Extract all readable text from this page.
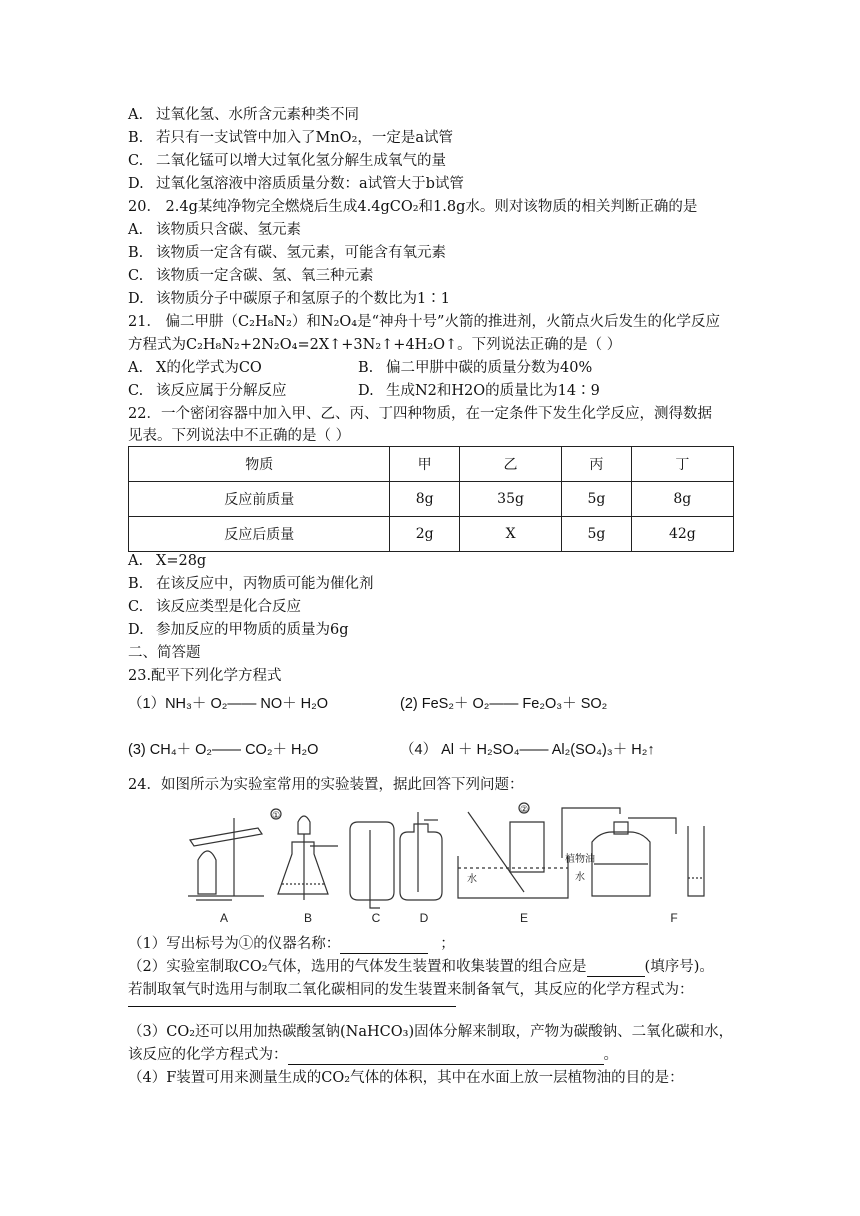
A. 过氧化氢、水所含元素种类不同
B. 若只有一支试管中加入了MnO₂，一定是a试管
C. 二氧化锰可以增大过氧化氢分解生成氧气的量
D. 过氧化氢溶液中溶质质量分数：a试管大于b试管
20． 2.4g某纯净物完全燃烧后生成4.4gCO₂和1.8g水。则对该物质的相关判断正确的是
A. 该物质只含碳、氢元素
B. 该物质一定含有碳、氢元素，可能含有氧元素
C. 该物质一定含碳、氢、氧三种元素
D. 该物质分子中碳原子和氢原子的个数比为1∶1
21． 偏二甲肼（C₂H₈N₂）和N₂O₄是“神舟十号”火箭的推进剂，火箭点火后发生的化学反应
方程式为C₂H₈N₂+2N₂O₄=2X↑+3N₂↑+4H₂O↑。下列说法正确的是（ ）
A. X的化学式为CO	B. 偏二甲肼中碳的质量分数为40%
C. 该反应属于分解反应	D. 生成N2和H2O的质量比为14∶9
22．一个密闭容器中加入甲、乙、丙、丁四种物质，在一定条件下发生化学反应，测得数据
见表。下列说法中不正确的是（ ）
物质	甲	乙	丙	丁
反应前质量	8g	35g	5g	8g
反应后质量	2g	X	5g	42g
A. X=28g
B. 在该反应中，丙物质可能为催化剂
C. 该反应类型是化合反应
D. 参加反应的甲物质的质量为6g
二、简答题
23.配平下列化学方程式
（1）NH₃＋ O₂—— NO＋ H₂O	(2) FeS₂＋ O₂—— Fe₂O₃＋ SO₂
(3) CH₄＋ O₂—— CO₂＋ H₂O	（4） Al ＋ H₂SO₄—— Al₂(SO₄)₃＋ H₂↑
24．如图所示为实验室常用的实验装置，据此回答下列问题：
A	B	C	D	E	F
①
②
水
植物油
水
（1）写出标号为①的仪器名称：	；
（2）实验室制取CO₂气体，选用的气体发生装置和收集装置的组合应是	(填序号)。
若制取氧气时选用与制取二氧化碳相同的发生装置来制备氧气，其反应的化学方程式为：
（3）CO₂还可以用加热碳酸氢钠(NaHCO₃)固体分解来制取，产物为碳酸钠、二氧化碳和水，
该反应的化学方程式为：	。
（4）F装置可用来测量生成的CO₂气体的体积，其中在水面上放一层植物油的目的是：
